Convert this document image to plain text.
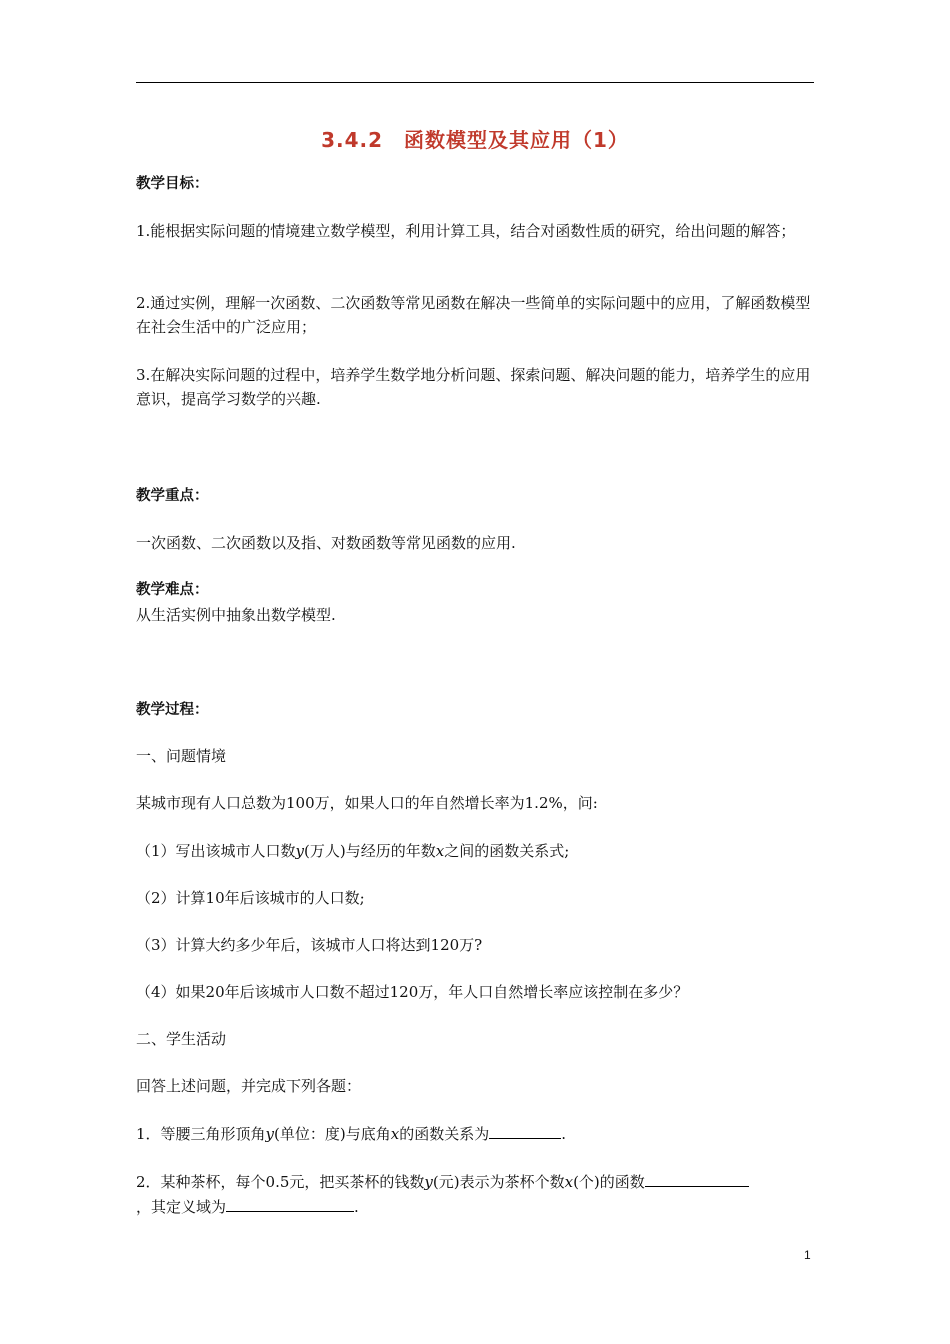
3.4.2　函数模型及其应用（1）
教学目标：
1.能根据实际问题的情境建立数学模型，利用计算工具，结合对函数性质的研究，给出问题的解答；
2.通过实例，理解一次函数、二次函数等常见函数在解决一些简单的实际问题中的应用，了解函数模型在社会生活中的广泛应用；
3.在解决实际问题的过程中，培养学生数学地分析问题、探索问题、解决问题的能力，培养学生的应用意识，提高学习数学的兴趣.
教学重点：
一次函数、二次函数以及指、对数函数等常见函数的应用.
教学难点：
从生活实例中抽象出数学模型.
教学过程：
一、问题情境
某城市现有人口总数为100万，如果人口的年自然增长率为1.2%，问:
（1）写出该城市人口数y(万人)与经历的年数x之间的函数关系式;
（2）计算10年后该城市的人口数;
（3）计算大约多少年后，该城市人口将达到120万?
（4）如果20年后该城市人口数不超过120万，年人口自然增长率应该控制在多少？
二、学生活动
回答上述问题，并完成下列各题：
1．等腰三角形顶角y(单位：度)与底角x的函数关系为	.
2．某种茶杯，每个0.5元，把买茶杯的钱数y(元)表示为茶杯个数x(个)的函数
，其定义域为	.
1
